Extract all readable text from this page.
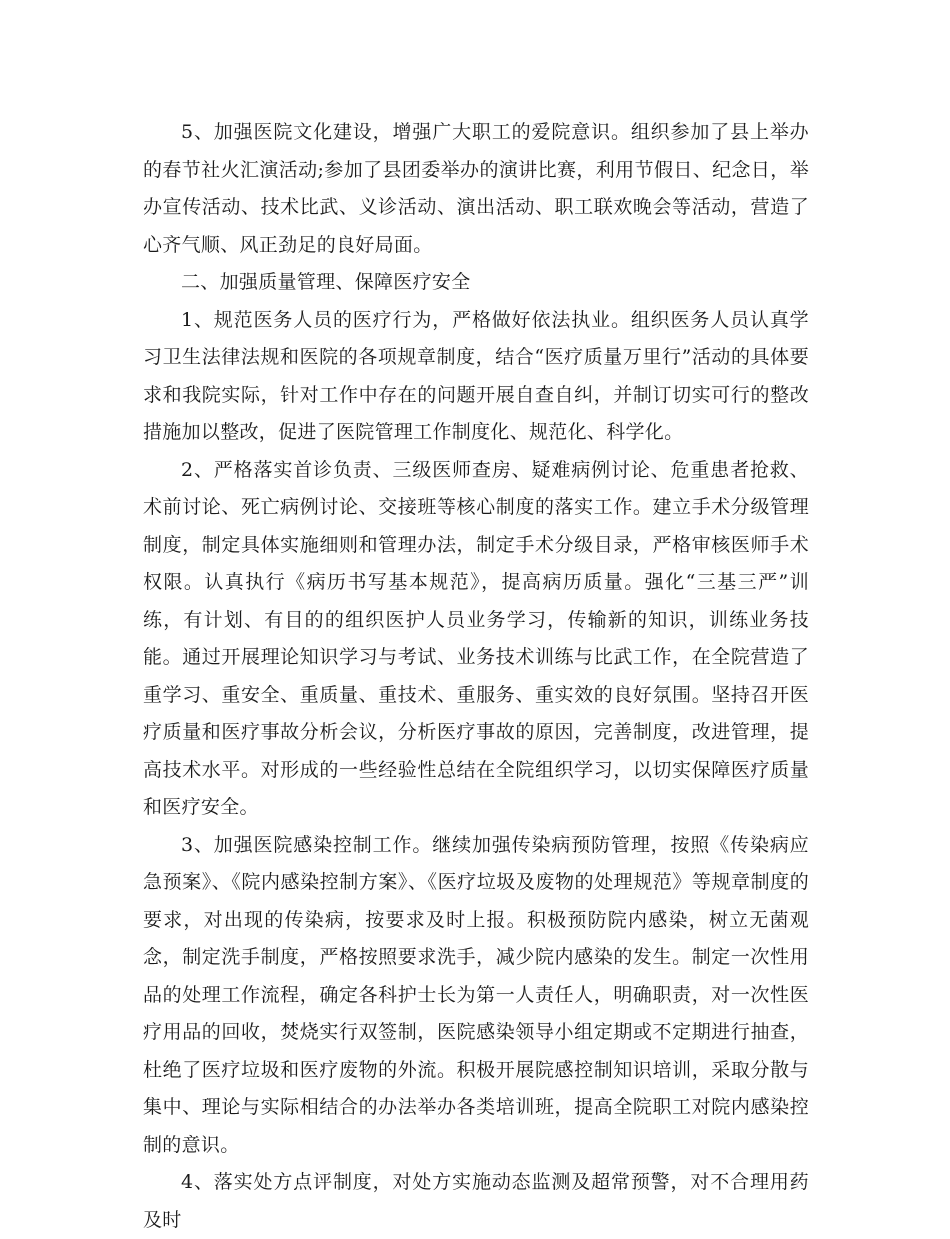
5、加强医院文化建设，增强广大职工的爱院意识。组织参加了县上举办的春节社火汇演活动;参加了县团委举办的演讲比赛，利用节假日、纪念日，举办宣传活动、技术比武、义诊活动、演出活动、职工联欢晚会等活动，营造了心齐气顺、风正劲足的良好局面。

二、加强质量管理、保障医疗安全

1、规范医务人员的医疗行为，严格做好依法执业。组织医务人员认真学习卫生法律法规和医院的各项规章制度，结合“医疗质量万里行”活动的具体要求和我院实际，针对工作中存在的问题开展自查自纠，并制订切实可行的整改措施加以整改，促进了医院管理工作制度化、规范化、科学化。

2、严格落实首诊负责、三级医师查房、疑难病例讨论、危重患者抢救、术前讨论、死亡病例讨论、交接班等核心制度的落实工作。建立手术分级管理制度，制定具体实施细则和管理办法，制定手术分级目录，严格审核医师手术权限。认真执行《病历书写基本规范》，提高病历质量。强化“三基三严”训练，有计划、有目的的组织医护人员业务学习，传输新的知识，训练业务技能。通过开展理论知识学习与考试、业务技术训练与比武工作，在全院营造了重学习、重安全、重质量、重技术、重服务、重实效的良好氛围。坚持召开医疗质量和医疗事故分析会议，分析医疗事故的原因，完善制度，改进管理，提高技术水平。对形成的一些经验性总结在全院组织学习，以切实保障医疗质量和医疗安全。

3、加强医院感染控制工作。继续加强传染病预防管理，按照《传染病应急预案》、《院内感染控制方案》、《医疗垃圾及废物的处理规范》等规章制度的要求，对出现的传染病，按要求及时上报。积极预防院内感染，树立无菌观念，制定洗手制度，严格按照要求洗手，减少院内感染的发生。制定一次性用品的处理工作流程，确定各科护士长为第一人责任人，明确职责，对一次性医疗用品的回收，焚烧实行双签制，医院感染领导小组定期或不定期进行抽查，杜绝了医疗垃圾和医疗废物的外流。积极开展院感控制知识培训，采取分散与集中、理论与实际相结合的办法举办各类培训班，提高全院职工对院内感染控制的意识。

4、落实处方点评制度，对处方实施动态监测及超常预警，对不合理用药及时
